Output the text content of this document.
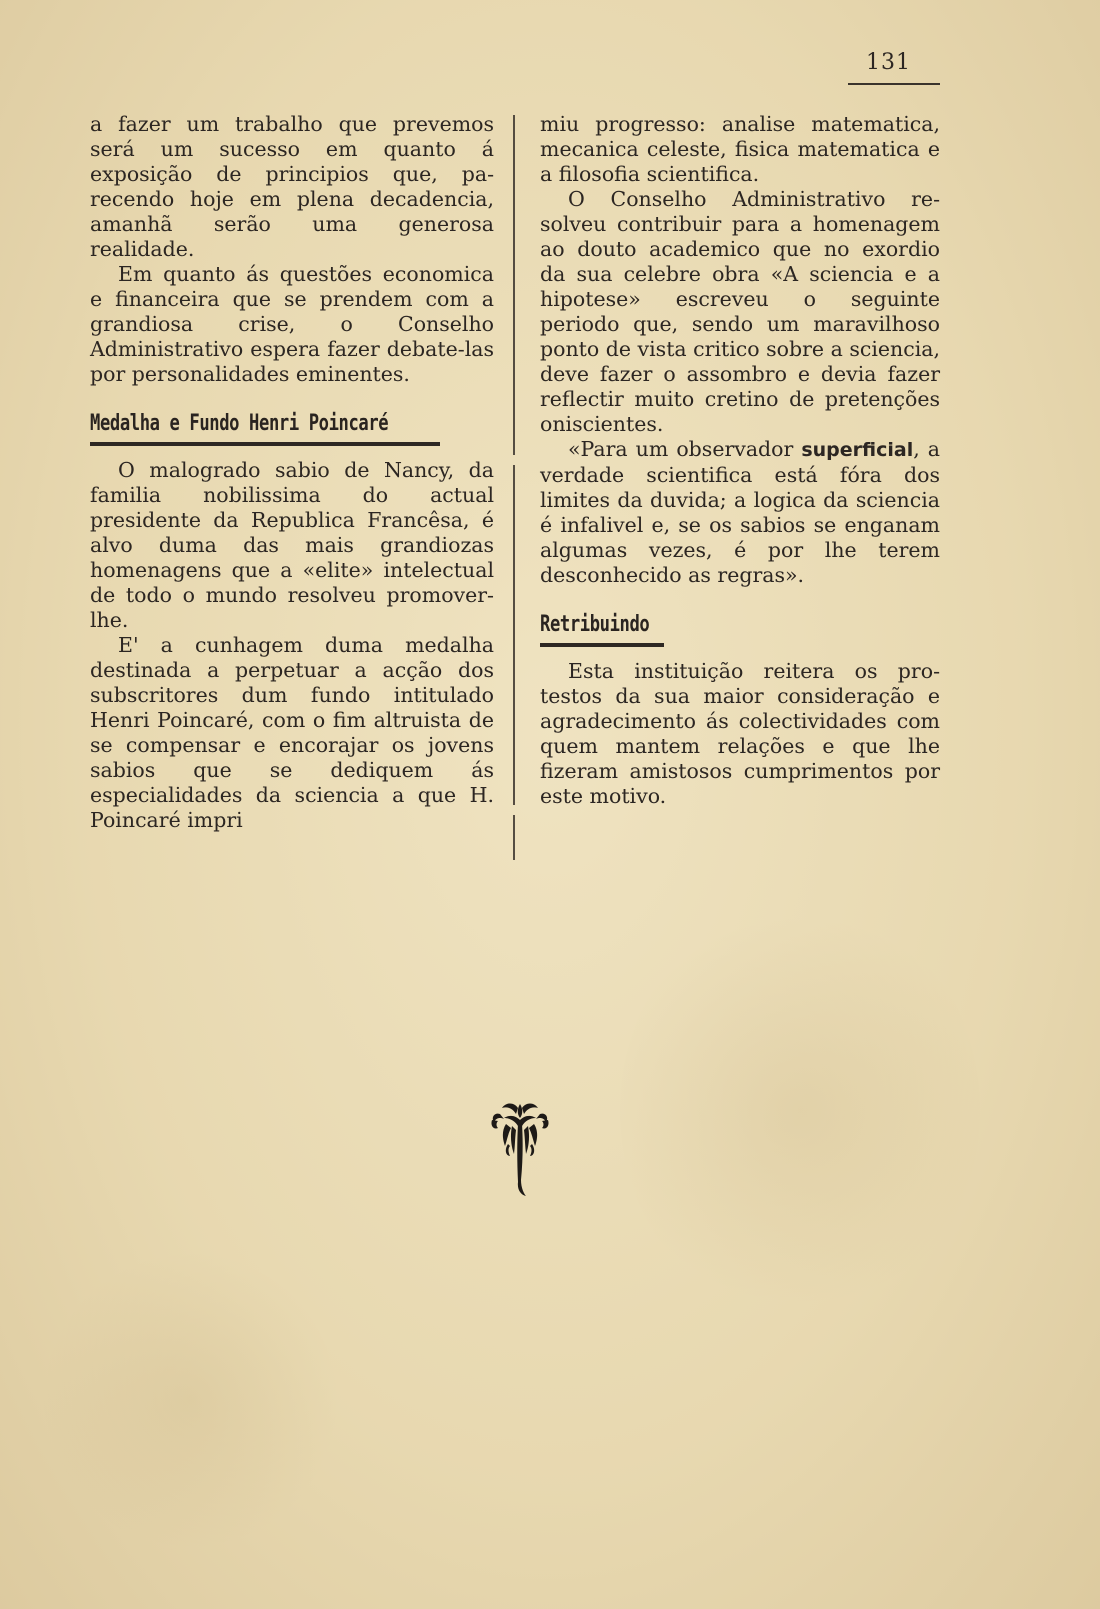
131

a fazer um trabalho que prevemos será um sucesso em quanto á exposição de principios que, parecendo hoje em plena decadencia, amanhã serão uma generosa realidade.

Em quanto ás questões economica e financeira que se prendem com a grandiosa crise, o Conselho Administrativo espera fazer debate-las por personalidades eminentes.

Medalha e Fundo Henri Poincaré

O malogrado sabio de Nancy, da familia nobilissima do actual presidente da Republica Francêsa, é alvo duma das mais grandiozas homenagens que a «elite» intelectual de todo o mundo resolveu promover-lhe.

E' a cunhagem duma medalha destinada a perpetuar a acção dos subscritores dum fundo intitulado Henri Poincaré, com o fim altruista de se compensar e encorajar os jovens sabios que se dediquem ás especialidades da sciencia a que H. Poincaré impri

miu progresso: analise matematica, mecanica celeste, fisica matematica e a filosofia scientifica.

O Conselho Administrativo resolveu contribuir para a homenagem ao douto academico que no exordio da sua celebre obra «A sciencia e a hipotese» escreveu o seguinte periodo que, sendo um maravilhoso ponto de vista critico sobre a sciencia, deve fazer o assombro e devia fazer reflectir muito cretino de pretenções oniscientes.

«Para um observador superficial, a verdade scientifica está fóra dos limites da duvida; a logica da sciencia é infalivel e, se os sabios se enganam algumas vezes, é por lhe terem desconhecido as regras».

Retribuindo

Esta instituição reitera os protestos da sua maior consideração e agradecimento ás colectividades com quem mantem relações e que lhe fizeram amistosos cumprimentos por este motivo.
